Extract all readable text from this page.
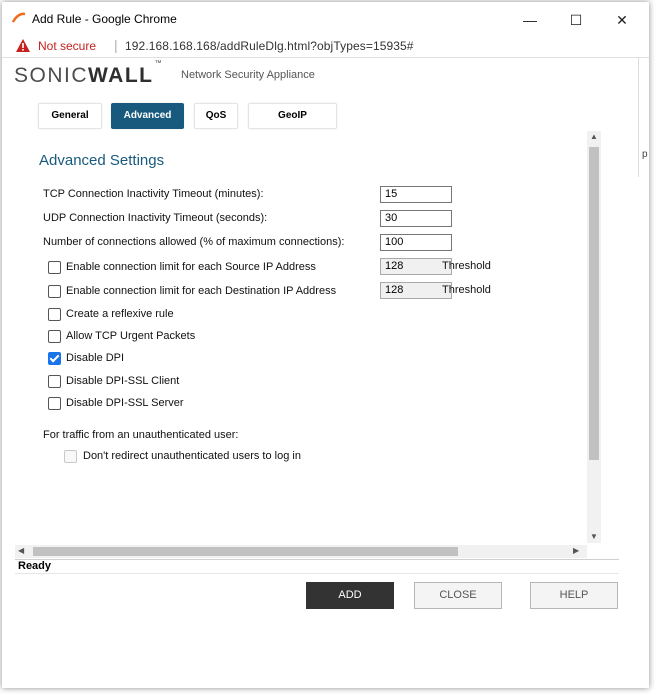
Add Rule - Google Chrome	—	☐	✕
Not secure | 192.168.168.168/addRuleDlg.html?objTypes=15935#
SONICWALL™
Network Security Appliance
p
General	Advanced	QoS	GeoIP
Advanced Settings
TCP Connection Inactivity Timeout (minutes):	15
UDP Connection Inactivity Timeout (seconds):	30
Number of connections allowed (% of maximum connections):	100
Enable connection limit for each Source IP Address	128	Threshold
Enable connection limit for each Destination IP Address	128	Threshold
Create a reflexive rule
Allow TCP Urgent Packets
Disable DPI
Disable DPI-SSL Client
Disable DPI-SSL Server
For traffic from an unauthenticated user:
Don't redirect unauthenticated users to log in
▲
▼
◀	▶
Ready
ADD	CLOSE	HELP
